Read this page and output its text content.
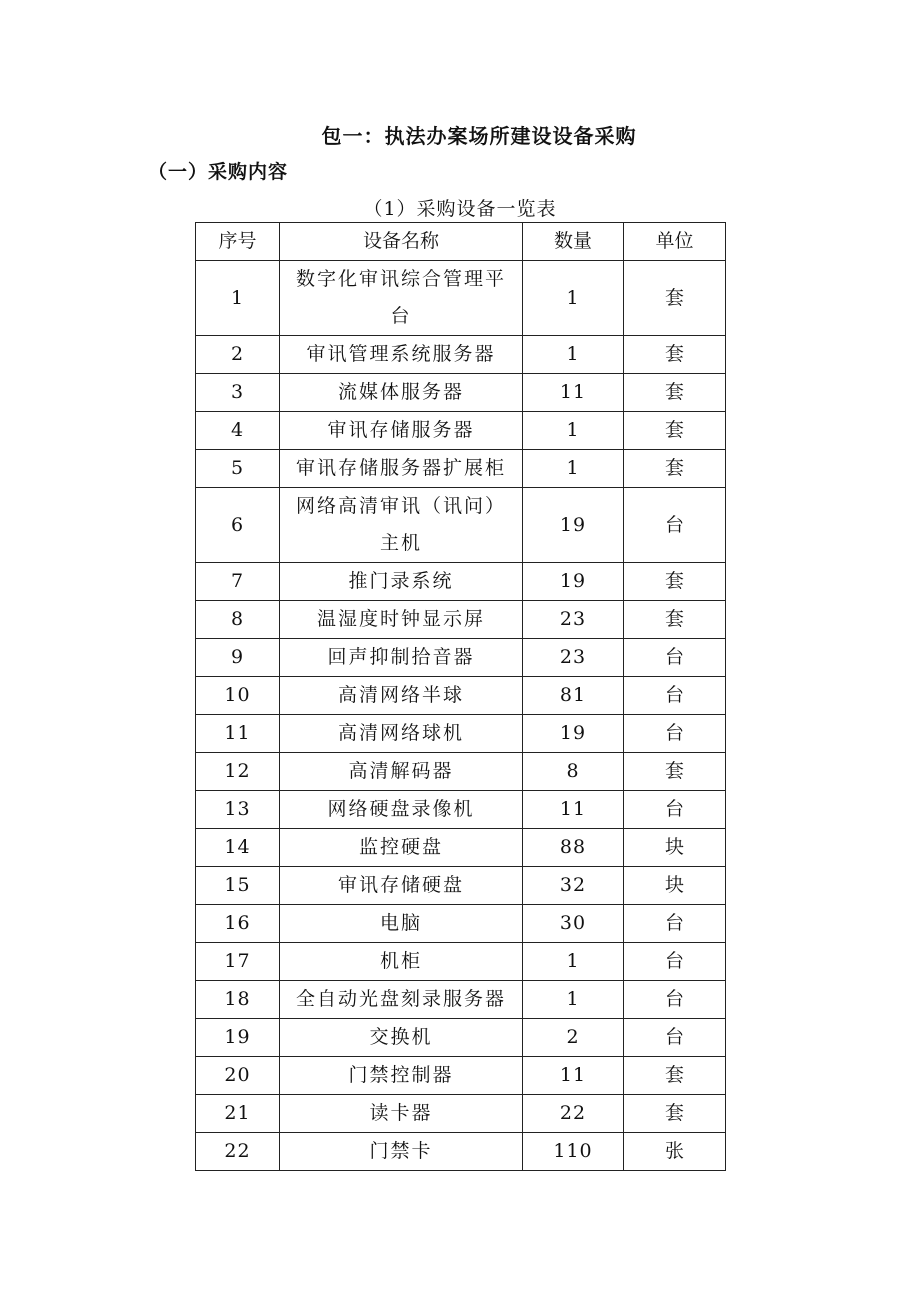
包一：执法办案场所建设设备采购
（一）采购内容
（1）采购设备一览表
序号	设备名称	数量	单位
1	数字化审讯综合管理平台	1	套
2	审讯管理系统服务器	1	套
3	流媒体服务器	11	套
4	审讯存储服务器	1	套
5	审讯存储服务器扩展柜	1	套
6	网络高清审讯（讯问）主机	19	台
7	推门录系统	19	套
8	温湿度时钟显示屏	23	套
9	回声抑制拾音器	23	台
10	高清网络半球	81	台
11	高清网络球机	19	台
12	高清解码器	8	套
13	网络硬盘录像机	11	台
14	监控硬盘	88	块
15	审讯存储硬盘	32	块
16	电脑	30	台
17	机柜	1	台
18	全自动光盘刻录服务器	1	台
19	交换机	2	台
20	门禁控制器	11	套
21	读卡器	22	套
22	门禁卡	110	张
